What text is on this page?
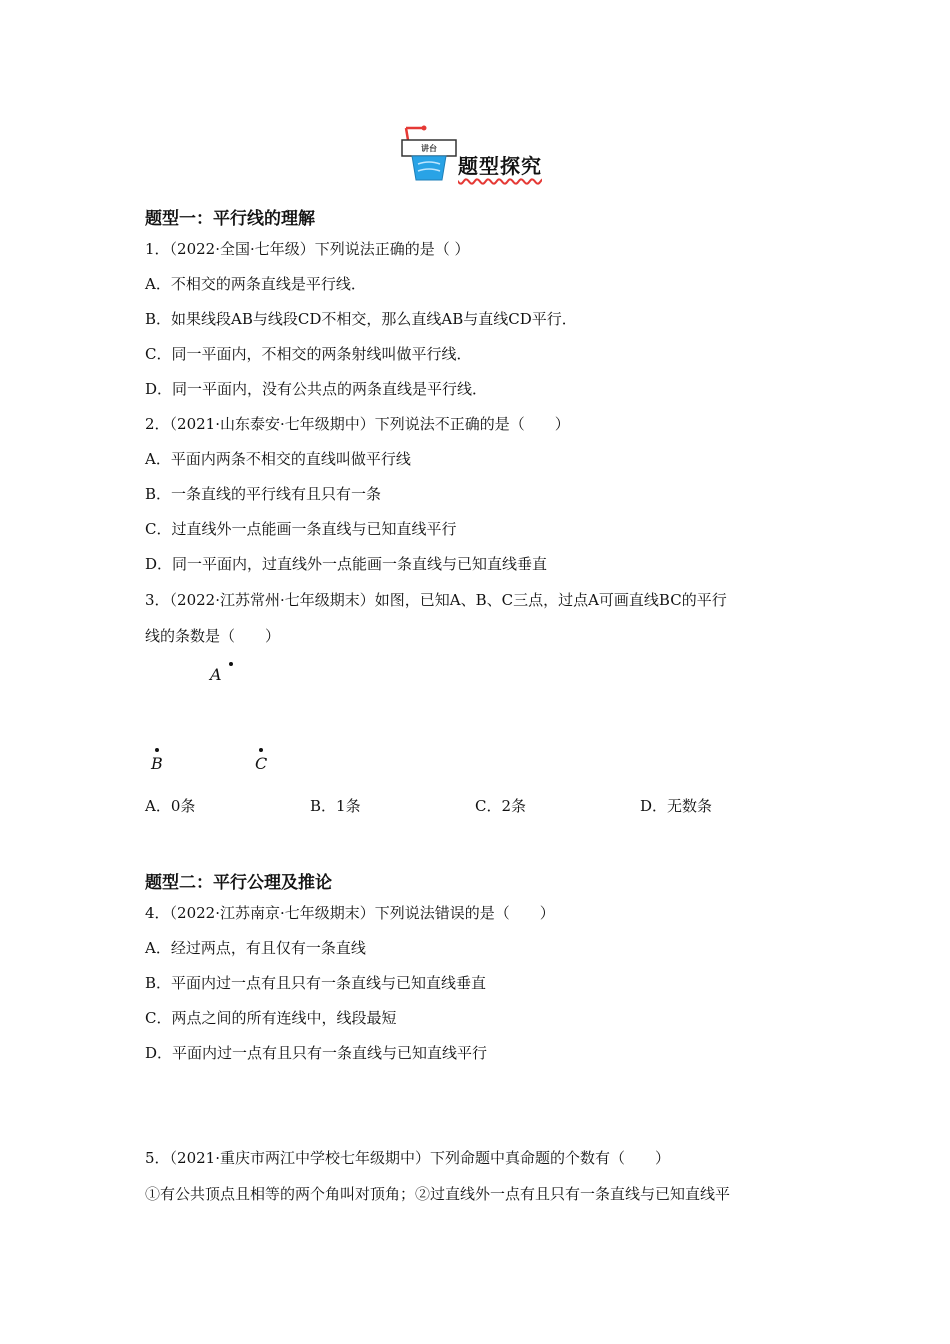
讲台
题型探究
题型一：平行线的理解
1．（2022·全国·七年级）下列说法正确的是（ ）
A．不相交的两条直线是平行线．
B．如果线段AB与线段CD不相交，那么直线AB与直线CD平行．
C．同一平面内，不相交的两条射线叫做平行线．
D．同一平面内，没有公共点的两条直线是平行线．
2．（2021·山东泰安·七年级期中）下列说法不正确的是（　　）
A．平面内两条不相交的直线叫做平行线
B．一条直线的平行线有且只有一条
C．过直线外一点能画一条直线与已知直线平行
D．同一平面内，过直线外一点能画一条直线与已知直线垂直
3．（2022·江苏常州·七年级期末）如图，已知A、B、C三点，过点A可画直线BC的平行
线的条数是（　　）
A
B	C
A．0条	B．1条	C．2条	D．无数条
题型二：平行公理及推论
4．（2022·江苏南京·七年级期末）下列说法错误的是（　　）
A．经过两点，有且仅有一条直线
B．平面内过一点有且只有一条直线与已知直线垂直
C．两点之间的所有连线中，线段最短
D．平面内过一点有且只有一条直线与已知直线平行
5．（2021·重庆市两江中学校七年级期中）下列命题中真命题的个数有（　　）
①有公共顶点且相等的两个角叫对顶角；②过直线外一点有且只有一条直线与已知直线平
